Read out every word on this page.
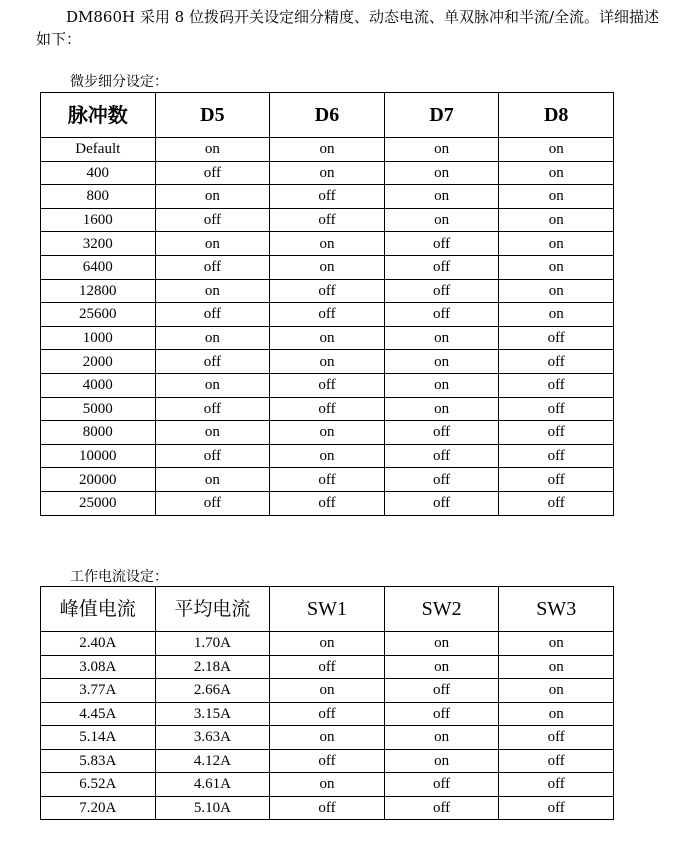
DM860H 采用 8 位拨码开关设定细分精度、动态电流、单双脉冲和半流/全流。详细描述如下：

微步细分设定：

脉冲数	D5	D6	D7	D8
Default	on	on	on	on
400	off	on	on	on
800	on	off	on	on
1600	off	off	on	on
3200	on	on	off	on
6400	off	on	off	on
12800	on	off	off	on
25600	off	off	off	on
1000	on	on	on	off
2000	off	on	on	off
4000	on	off	on	off
5000	off	off	on	off
8000	on	on	off	off
10000	off	on	off	off
20000	on	off	off	off
25000	off	off	off	off

工作电流设定：

峰值电流	平均电流	SW1	SW2	SW3
2.40A	1.70A	on	on	on
3.08A	2.18A	off	on	on
3.77A	2.66A	on	off	on
4.45A	3.15A	off	off	on
5.14A	3.63A	on	on	off
5.83A	4.12A	off	on	off
6.52A	4.61A	on	off	off
7.20A	5.10A	off	off	off
